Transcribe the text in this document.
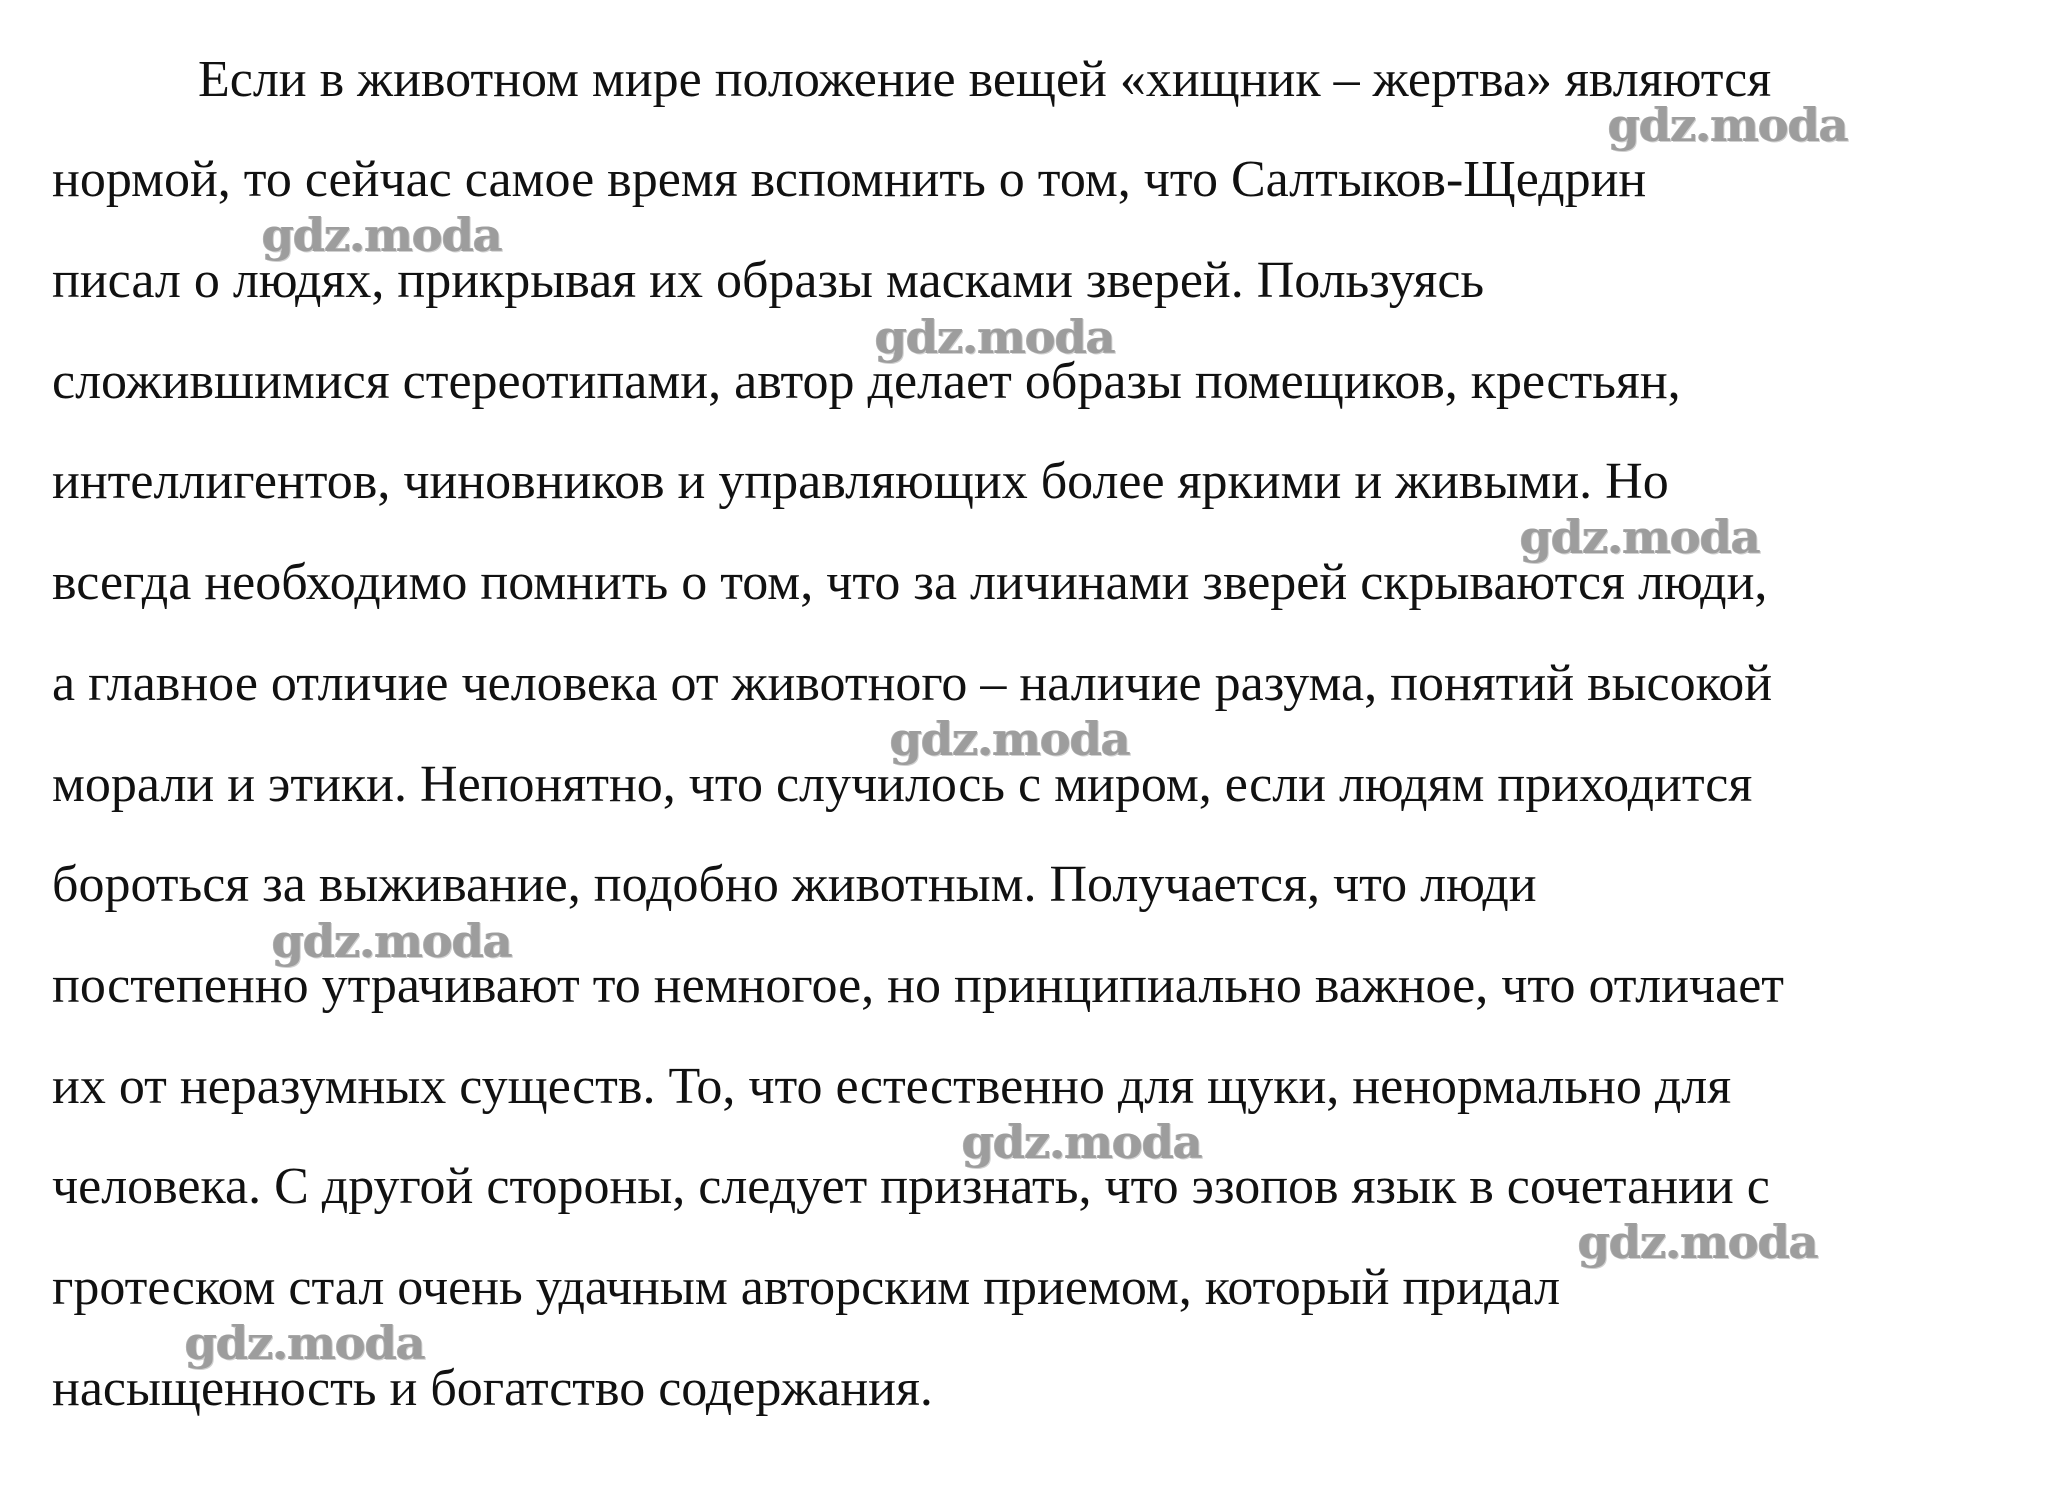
Если в животном мире положение вещей «хищник – жертва» являются
нормой, то сейчас самое время вспомнить о том, что Салтыков-Щедрин
писал о людях, прикрывая их образы масками зверей. Пользуясь
сложившимися стереотипами, автор делает образы помещиков, крестьян,
интеллигентов, чиновников и управляющих более яркими и живыми. Но
всегда необходимо помнить о том, что за личинами зверей скрываются люди,
а главное отличие человека от животного – наличие разума, понятий высокой
морали и этики. Непонятно, что случилось с миром, если людям приходится
бороться за выживание, подобно животным. Получается, что люди
постепенно утрачивают то немногое, но принципиально важное, что отличает
их от неразумных существ. То, что естественно для щуки, ненормально для
человека. С другой стороны, следует признать, что эзопов язык в сочетании с
гротеском стал очень удачным авторским приемом, который придал
насыщенность и богатство содержания.
gdz.moda
gdz.moda
gdz.moda
gdz.moda
gdz.moda
gdz.moda
gdz.moda
gdz.moda
gdz.moda
